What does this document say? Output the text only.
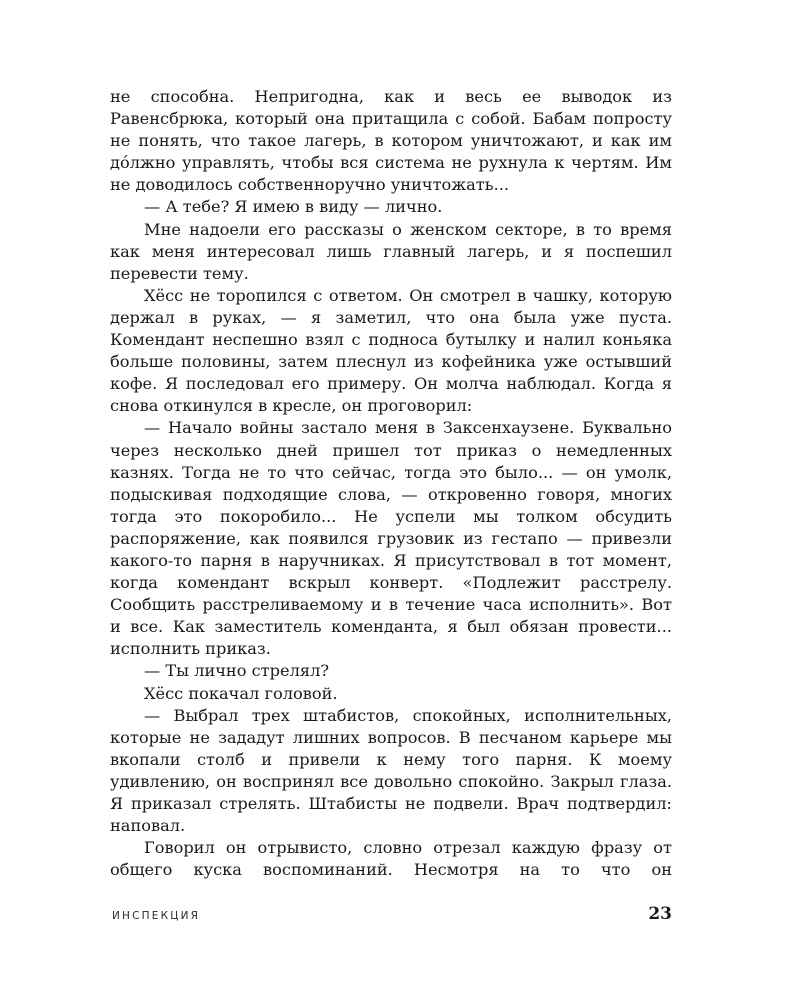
не способна. Непригодна, как и весь ее выводок из Равенсбрюка, который она притащила с собой. Бабам попросту не понять, что такое лагерь, в котором уничтожают, и как им до́лжно управлять, чтобы вся система не рухнула к чертям. Им не доводилось собственноручно уничтожать...

— А тебе? Я имею в виду — лично.

Мне надоели его рассказы о женском секторе, в то время как меня интересовал лишь главный лагерь, и я поспешил перевести тему.

Хёсс не торопился с ответом. Он смотрел в чашку, которую держал в руках, — я заметил, что она была уже пуста. Комендант неспешно взял с подноса бутылку и налил коньяка больше половины, затем плеснул из кофейника уже остывший кофе. Я последовал его примеру. Он молча наблюдал. Когда я снова откинулся в кресле, он проговорил:

— Начало войны застало меня в Заксенхаузене. Буквально через несколько дней пришел тот приказ о немедленных казнях. Тогда не то что сейчас, тогда это было... — он умолк, подыскивая подходящие слова, — откровенно говоря, многих тогда это покоробило... Не успели мы толком обсудить распоряжение, как появился грузовик из гестапо — привезли какого-то парня в наручниках. Я присутствовал в тот момент, когда комендант вскрыл конверт. «Подлежит расстрелу. Сообщить расстреливаемому и в течение часа исполнить». Вот и все. Как заместитель коменданта, я был обязан провести... исполнить приказ.

— Ты лично стрелял?

Хёсс покачал головой.

— Выбрал трех штабистов, спокойных, исполнительных, которые не зададут лишних вопросов. В песчаном карьере мы вкопали столб и привели к нему того парня. К моему удивлению, он воспринял все довольно спокойно. Закрыл глаза. Я приказал стрелять. Штабисты не подвели. Врач подтвердил: наповал.

Говорил он отрывисто, словно отрезал каждую фразу от общего куска воспоминаний. Несмотря на то что он

ИНСПЕКЦИЯ	23
